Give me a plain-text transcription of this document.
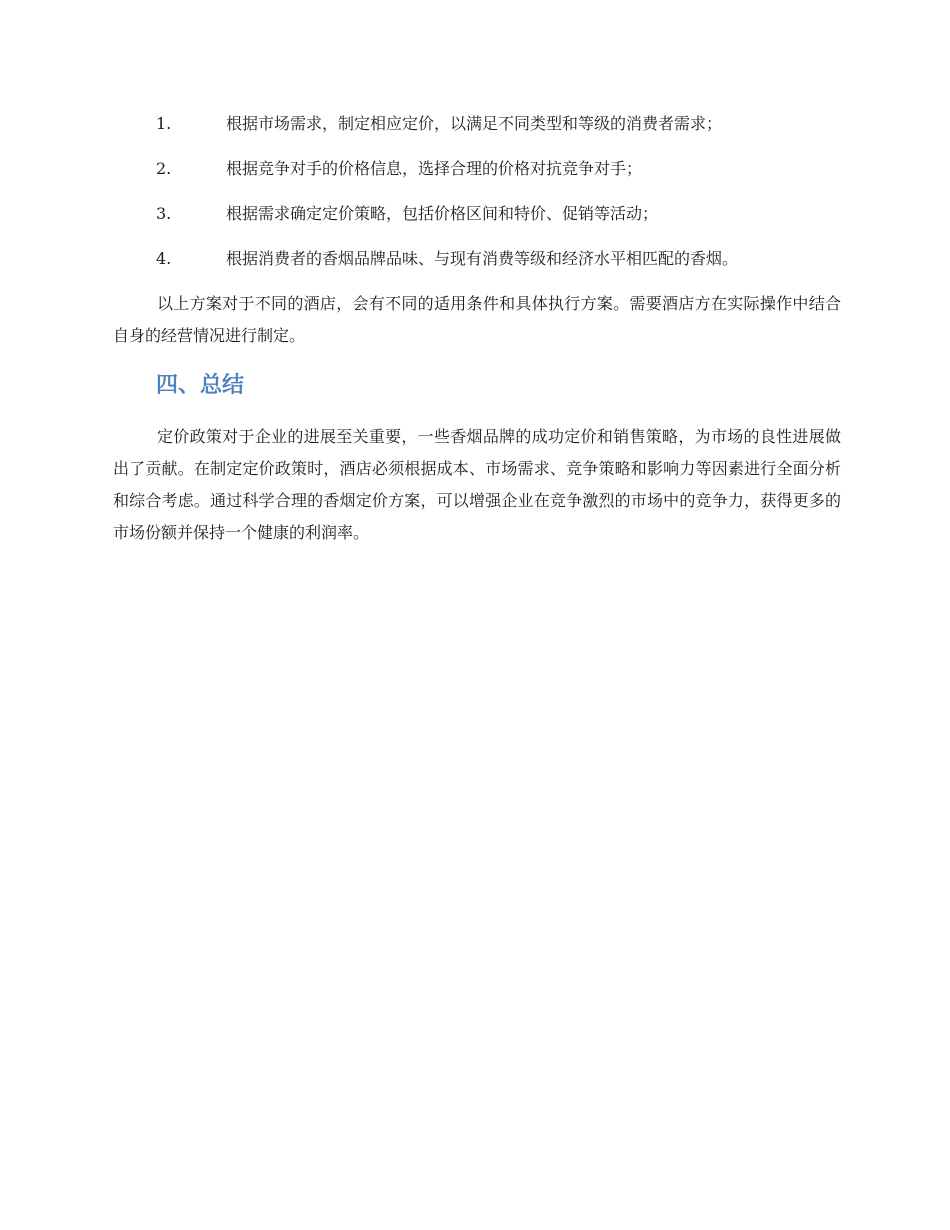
1.	根据市场需求，制定相应定价，以满足不同类型和等级的消费者需求；
2.	根据竞争对手的价格信息，选择合理的价格对抗竞争对手；
3.	根据需求确定定价策略，包括价格区间和特价、促销等活动；
4.	根据消费者的香烟品牌品味、与现有消费等级和经济水平相匹配的香烟。

以上方案对于不同的酒店，会有不同的适用条件和具体执行方案。需要酒店方在实际操作中结合自身的经营情况进行制定。

四、总结

定价政策对于企业的进展至关重要，一些香烟品牌的成功定价和销售策略，为市场的良性进展做出了贡献。在制定定价政策时，酒店必须根据成本、市场需求、竞争策略和影响力等因素进行全面分析和综合考虑。通过科学合理的香烟定价方案，可以增强企业在竞争激烈的市场中的竞争力，获得更多的市场份额并保持一个健康的利润率。
